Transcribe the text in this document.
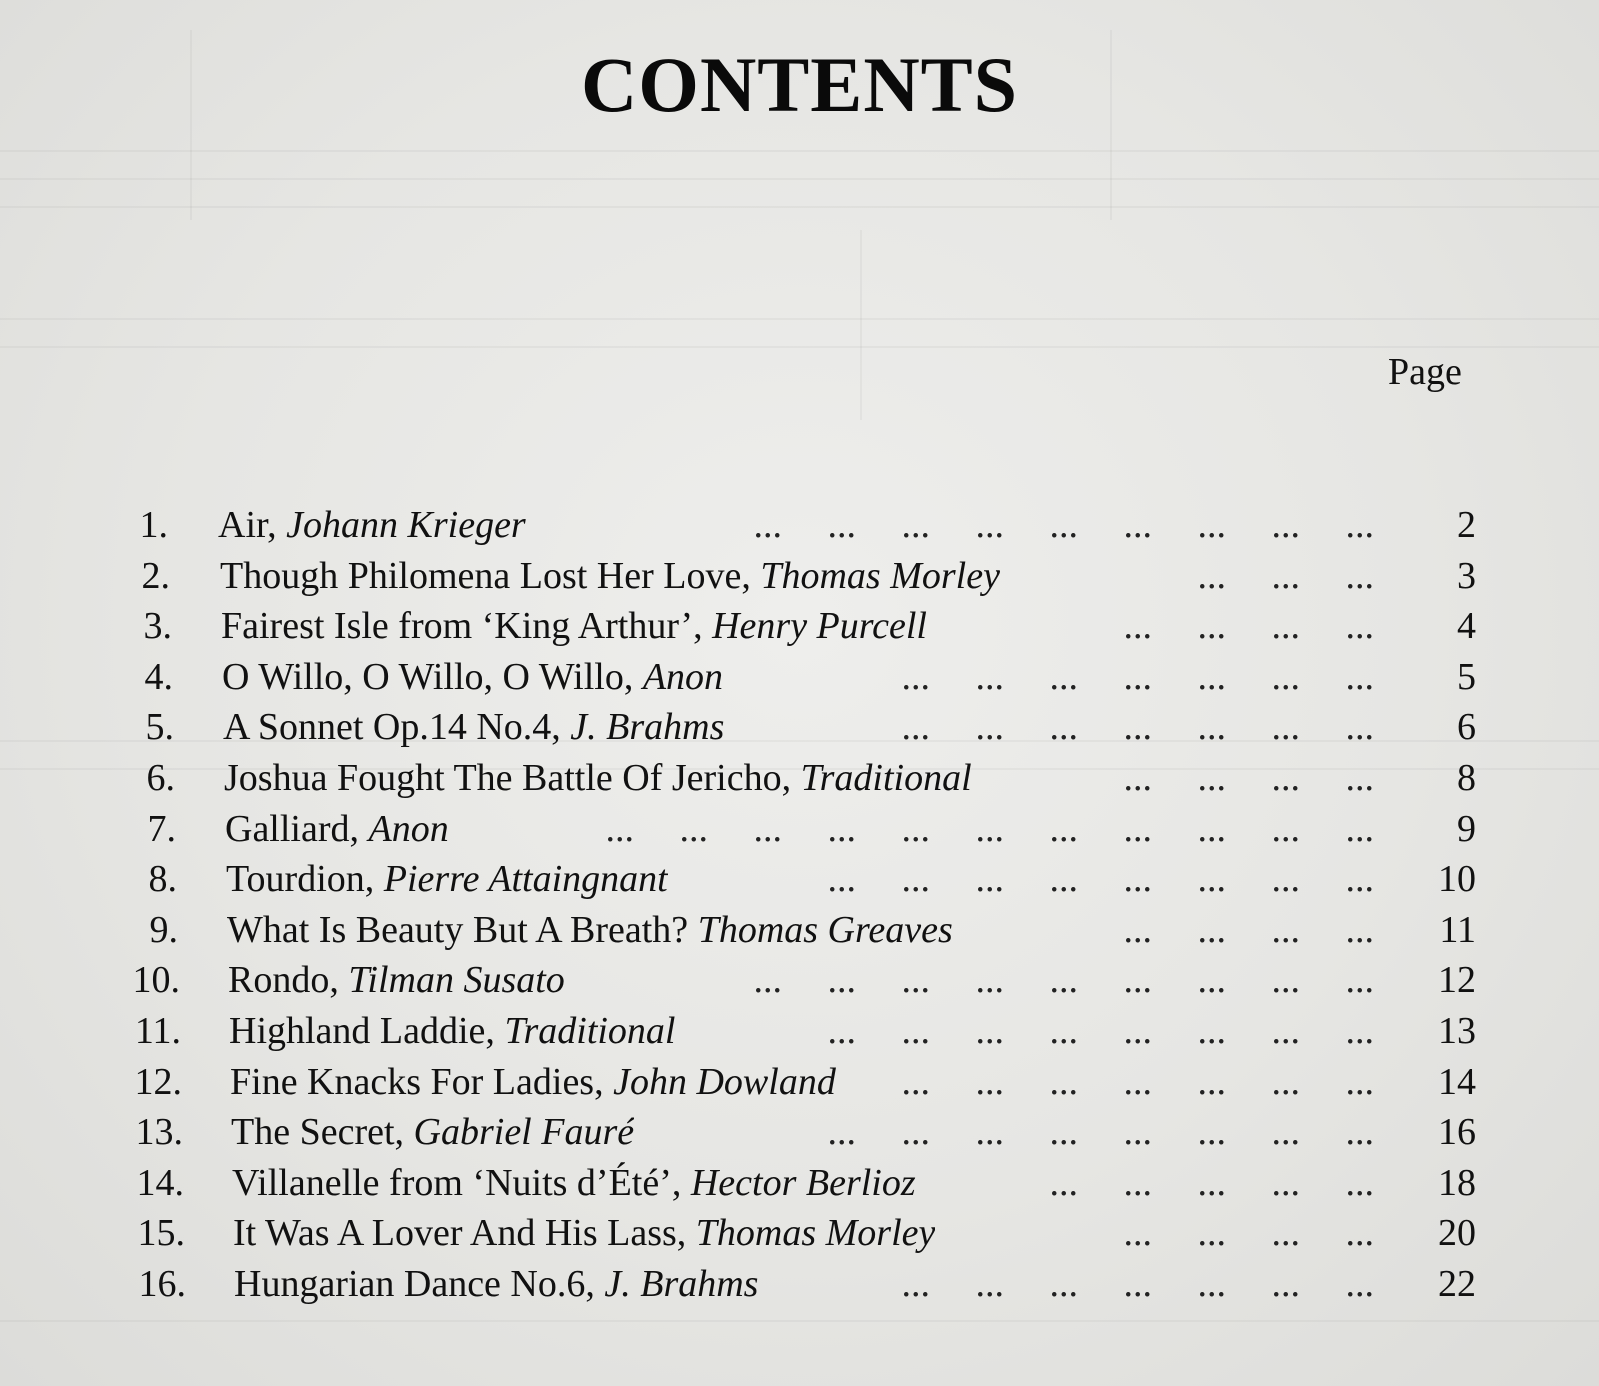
CONTENTS
Page
1. Air, Johann Krieger	... ... ... ... ... ... ... ... ...	2
2. Though Philomena Lost Her Love, Thomas Morley	... ... ...	3
3. Fairest Isle from ‘King Arthur’, Henry Purcell	... ... ... ...	4
4. O Willo, O Willo, O Willo, Anon	... ... ... ... ... ... ...	5
5. A Sonnet Op.14 No.4, J. Brahms	... ... ... ... ... ... ...	6
6. Joshua Fought The Battle Of Jericho, Traditional	... ... ... ...	8
7. Galliard, Anon	... ... ... ... ... ... ... ... ... ... ...	9
8. Tourdion, Pierre Attaingnant	... ... ... ... ... ... ... ...	10
9. What Is Beauty But A Breath? Thomas Greaves	... ... ... ...	11
10. Rondo, Tilman Susato	... ... ... ... ... ... ... ... ...	12
11. Highland Laddie, Traditional	... ... ... ... ... ... ... ...	13
12. Fine Knacks For Ladies, John Dowland ... ... ... ... ... ... ...	14
13. The Secret, Gabriel Fauré	... ... ... ... ... ... ... ...	16
14. Villanelle from ‘Nuits d’Été’, Hector Berlioz	... ... ... ... ...	18
15. It Was A Lover And His Lass, Thomas Morley	... ... ... ...	20
16. Hungarian Dance No.6, J. Brahms	... ... ... ... ... ... ...	22
